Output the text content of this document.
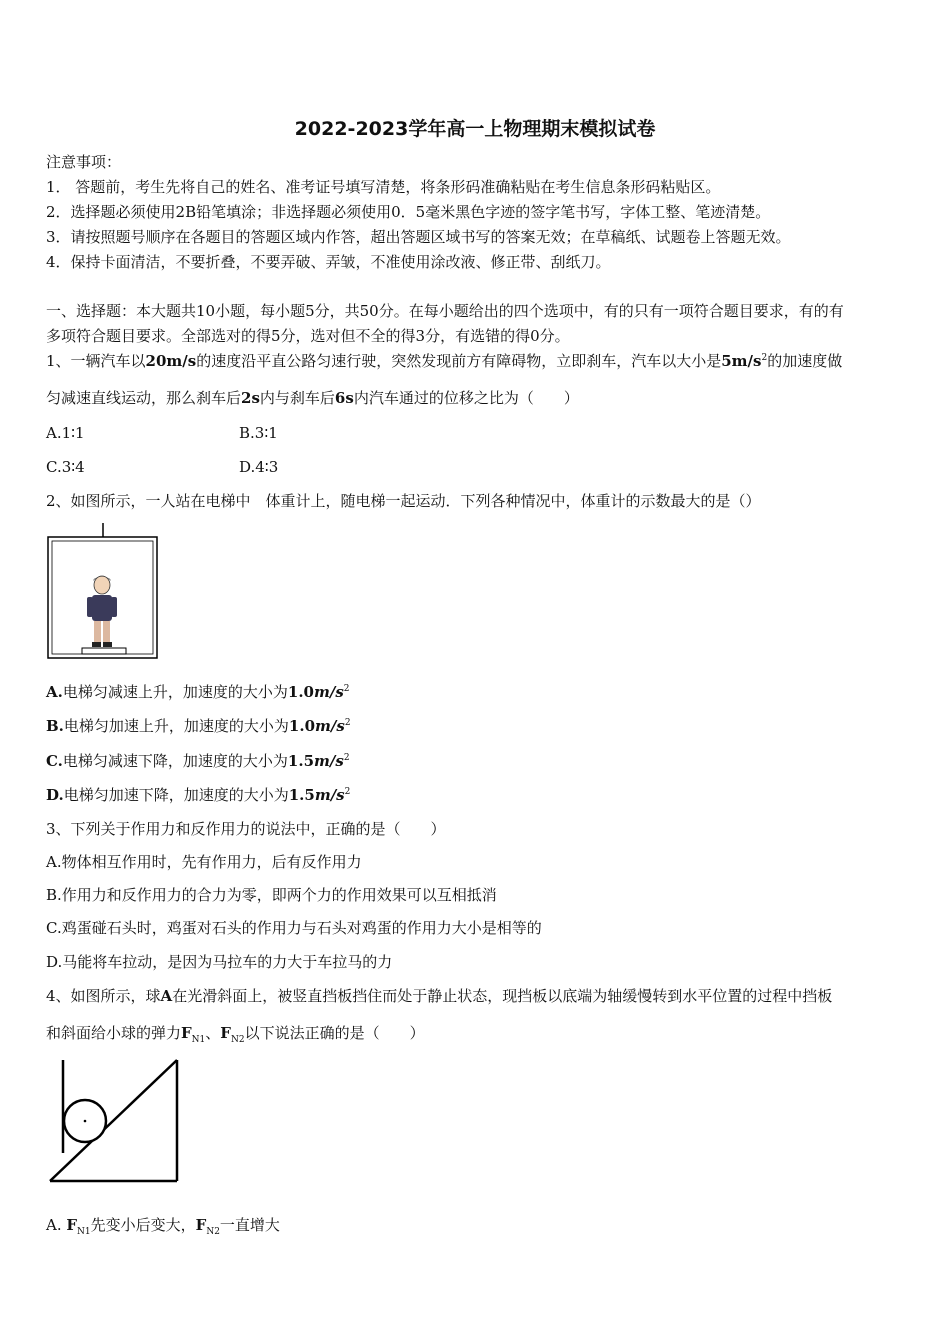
2022-2023学年高一上物理期末模拟试卷
注意事项：
1． 答题前，考生先将自己的姓名、准考证号填写清楚，将条形码准确粘贴在考生信息条形码粘贴区。
2．选择题必须使用2B铅笔填涂；非选择题必须使用0．5毫米黑色字迹的签字笔书写，字体工整、笔迹清楚。
3．请按照题号顺序在各题目的答题区域内作答，超出答题区域书写的答案无效；在草稿纸、试题卷上答题无效。
4．保持卡面清洁，不要折叠，不要弄破、弄皱，不准使用涂改液、修正带、刮纸刀。
一、选择题：本大题共10小题，每小题5分，共50分。在每小题给出的四个选项中，有的只有一项符合题目要求，有的有
多项符合题目要求。全部选对的得5分，选对但不全的得3分，有选错的得0分。
1、一辆汽车以20m/s的速度沿平直公路匀速行驶，突然发现前方有障碍物，立即刹车，汽车以大小是$5m/s^2$的加速度做
匀减速直线运动，那么刹车后2s内与刹车后6s内汽车通过的位移之比为（　　）
A.1∶1	B.3∶1
C.3∶4	D.4∶3
2、如图所示，一人站在电梯中　体重计上，随电梯一起运动．下列各种情况中，体重计的示数最大的是（）
A.电梯匀减速上升，加速度的大小为$1.0m/s^2$
B.电梯匀加速上升，加速度的大小为$1.0m/s^2$
C.电梯匀减速下降，加速度的大小为$1.5m/s^2$
D.电梯匀加速下降，加速度的大小为$1.5m/s^2$
3、下列关于作用力和反作用力的说法中，正确的是（　　）
A.物体相互作用时，先有作用力，后有反作用力
B.作用力和反作用力的合力为零，即两个力的作用效果可以互相抵消
C.鸡蛋碰石头时，鸡蛋对石头的作用力与石头对鸡蛋的作用力大小是相等的
D.马能将车拉动，是因为马拉车的力大于车拉马的力
4、如图所示，球A在光滑斜面上，被竖直挡板挡住而处于静止状态，现挡板以底端为轴缓慢转到水平位置的过程中挡板
和斜面给小球的弹力$F_{N1}$、$F_{N2}$以下说法正确的是（　　）
A. $F_{N1}$先变小后变大，$F_{N2}$一直增大
